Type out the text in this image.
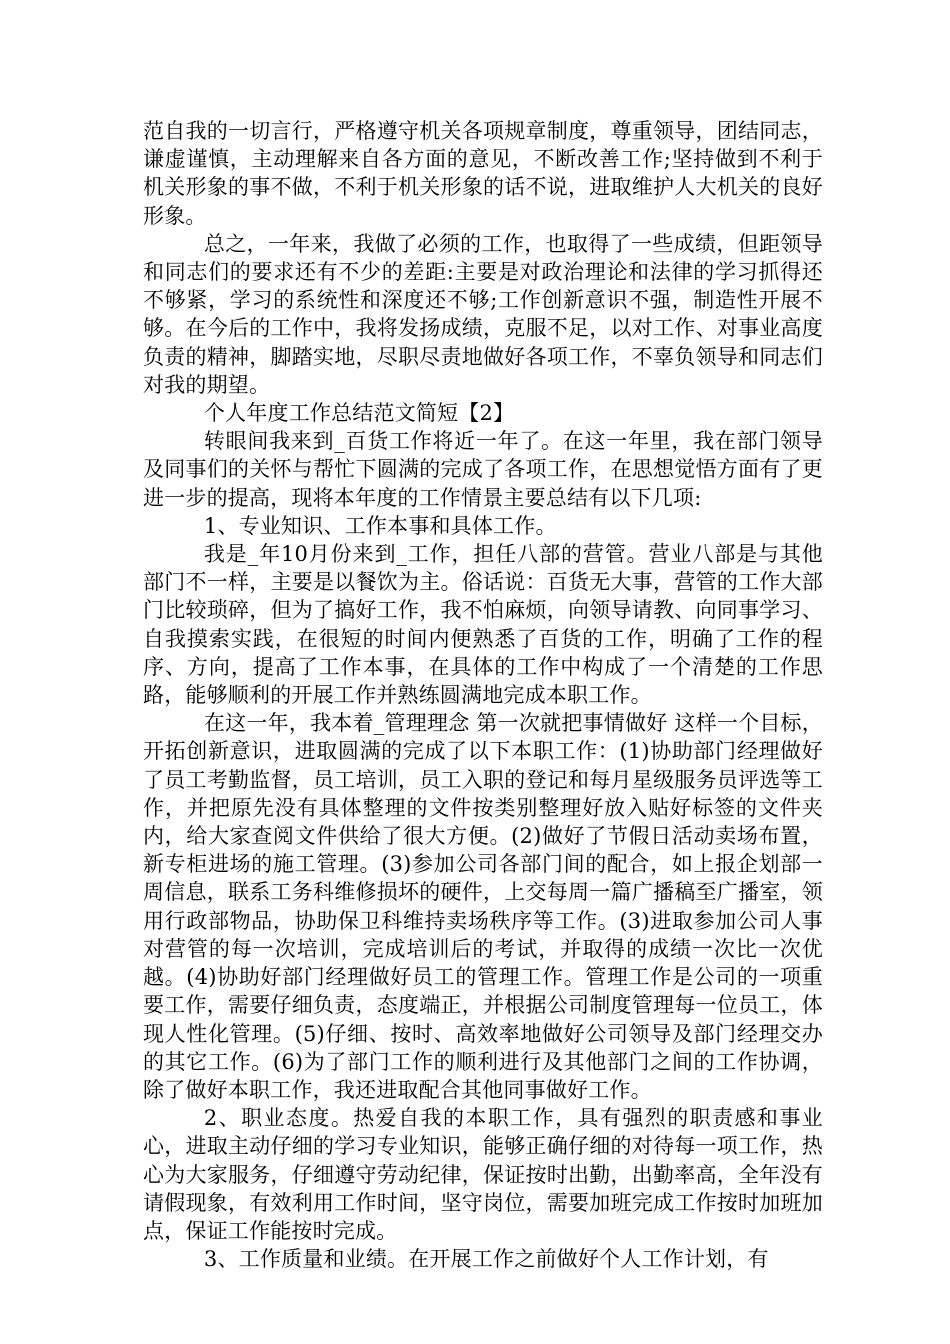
范自我的一切言行，严格遵守机关各项规章制度，尊重领导，团结同志，谦虚谨慎，主动理解来自各方面的意见，不断改善工作;坚持做到不利于机关形象的事不做，不利于机关形象的话不说，进取维护人大机关的良好形象。

总之，一年来，我做了必须的工作，也取得了一些成绩，但距领导和同志们的要求还有不少的差距:主要是对政治理论和法律的学习抓得还不够紧，学习的系统性和深度还不够;工作创新意识不强，制造性开展不够。在今后的工作中，我将发扬成绩，克服不足，以对工作、对事业高度负责的精神，脚踏实地，尽职尽责地做好各项工作，不辜负领导和同志们对我的期望。

个人年度工作总结范文简短【2】

转眼间我来到_百货工作将近一年了。在这一年里，我在部门领导及同事们的关怀与帮忙下圆满的完成了各项工作，在思想觉悟方面有了更进一步的提高，现将本年度的工作情景主要总结有以下几项:

1、专业知识、工作本事和具体工作。

我是_年10月份来到_工作，担任八部的营管。营业八部是与其他部门不一样，主要是以餐饮为主。俗话说：百货无大事，营管的工作大部门比较琐碎，但为了搞好工作，我不怕麻烦，向领导请教、向同事学习、自我摸索实践，在很短的时间内便熟悉了百货的工作，明确了工作的程序、方向，提高了工作本事，在具体的工作中构成了一个清楚的工作思路，能够顺利的开展工作并熟练圆满地完成本职工作。

在这一年，我本着_管理理念 第一次就把事情做好 这样一个目标，开拓创新意识，进取圆满的完成了以下本职工作：(1)协助部门经理做好了员工考勤监督，员工培训，员工入职的登记和每月星级服务员评选等工作，并把原先没有具体整理的文件按类别整理好放入贴好标签的文件夹内，给大家查阅文件供给了很大方便。(2)做好了节假日活动卖场布置，新专柜进场的施工管理。(3)参加公司各部门间的配合，如上报企划部一周信息，联系工务科维修损坏的硬件，上交每周一篇广播稿至广播室，领用行政部物品，协助保卫科维持卖场秩序等工作。(3)进取参加公司人事对营管的每一次培训，完成培训后的考试，并取得的成绩一次比一次优越。(4)协助好部门经理做好员工的管理工作。管理工作是公司的一项重要工作，需要仔细负责，态度端正，并根据公司制度管理每一位员工，体现人性化管理。(5)仔细、按时、高效率地做好公司领导及部门经理交办的其它工作。(6)为了部门工作的顺利进行及其他部门之间的工作协调，除了做好本职工作，我还进取配合其他同事做好工作。

2、职业态度。热爱自我的本职工作，具有强烈的职责感和事业心，进取主动仔细的学习专业知识，能够正确仔细的对待每一项工作，热心为大家服务，仔细遵守劳动纪律，保证按时出勤，出勤率高，全年没有请假现象，有效利用工作时间，坚守岗位，需要加班完成工作按时加班加点，保证工作能按时完成。

3、工作质量和业绩。在开展工作之前做好个人工作计划，有
